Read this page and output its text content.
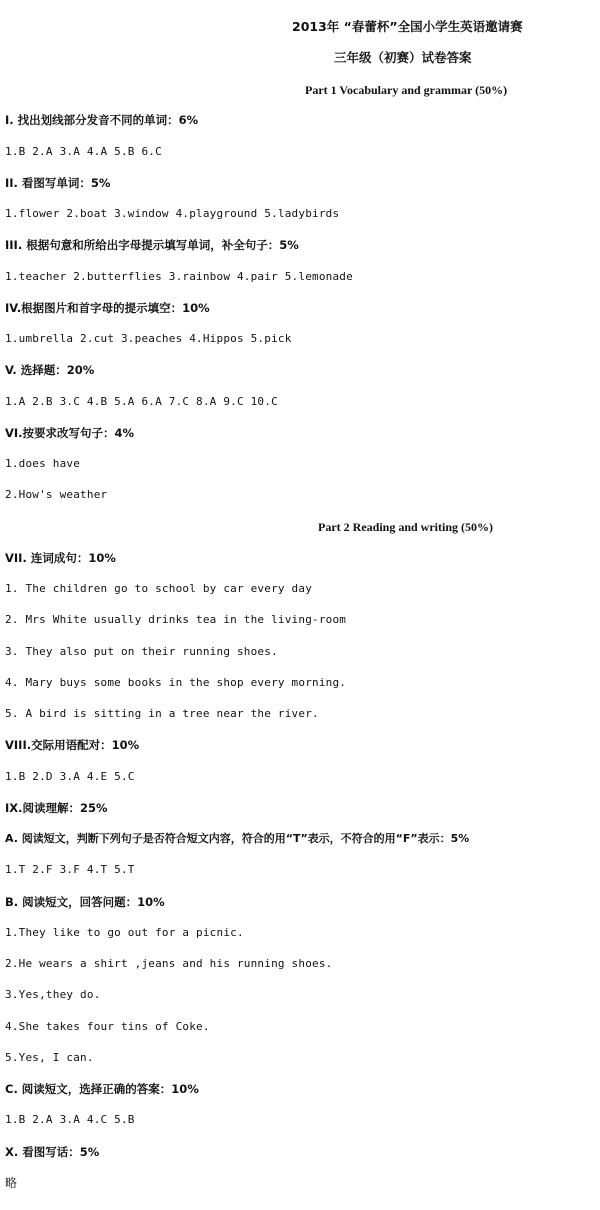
2013年 “春蕾杯”全国小学生英语邀请赛
三年级（初赛）试卷答案
Part 1 Vocabulary and grammar (50%)
I. 找出划线部分发音不同的单词：6%
1.B 2.A 3.A 4.A 5.B 6.C
II. 看图写单词：5%
1.flower 2.boat 3.window 4.playground 5.ladybirds
III. 根据句意和所给出字母提示填写单词，补全句子：5%
1.teacher 2.butterflies 3.rainbow 4.pair 5.lemonade
IV.根据图片和首字母的提示填空：10%
1.umbrella 2.cut 3.peaches 4.Hippos 5.pick
V. 选择题：20%
1.A 2.B 3.C 4.B 5.A 6.A 7.C 8.A 9.C 10.C
VI.按要求改写句子：4%
1.does have
2.How's weather
Part 2 Reading and writing (50%)
VII. 连词成句：10%
1. The children go to school by car every day
2. Mrs White usually drinks tea in the living-room
3. They also put on their running shoes.
4. Mary buys some books in the shop every morning.
5. A bird is sitting in a tree near the river.
VIII.交际用语配对：10%
1.B 2.D 3.A 4.E 5.C
IX.阅读理解：25%
A. 阅读短文，判断下列句子是否符合短文内容，符合的用“T”表示，不符合的用“F”表示：5%
1.T 2.F 3.F 4.T 5.T
B. 阅读短文，回答问题：10%
1.They like to go out for a picnic.
2.He wears a shirt ,jeans and his running shoes.
3.Yes,they do.
4.She takes four tins of Coke.
5.Yes, I can.
C. 阅读短文，选择正确的答案：10%
1.B 2.A 3.A 4.C 5.B
X. 看图写话：5%
略
